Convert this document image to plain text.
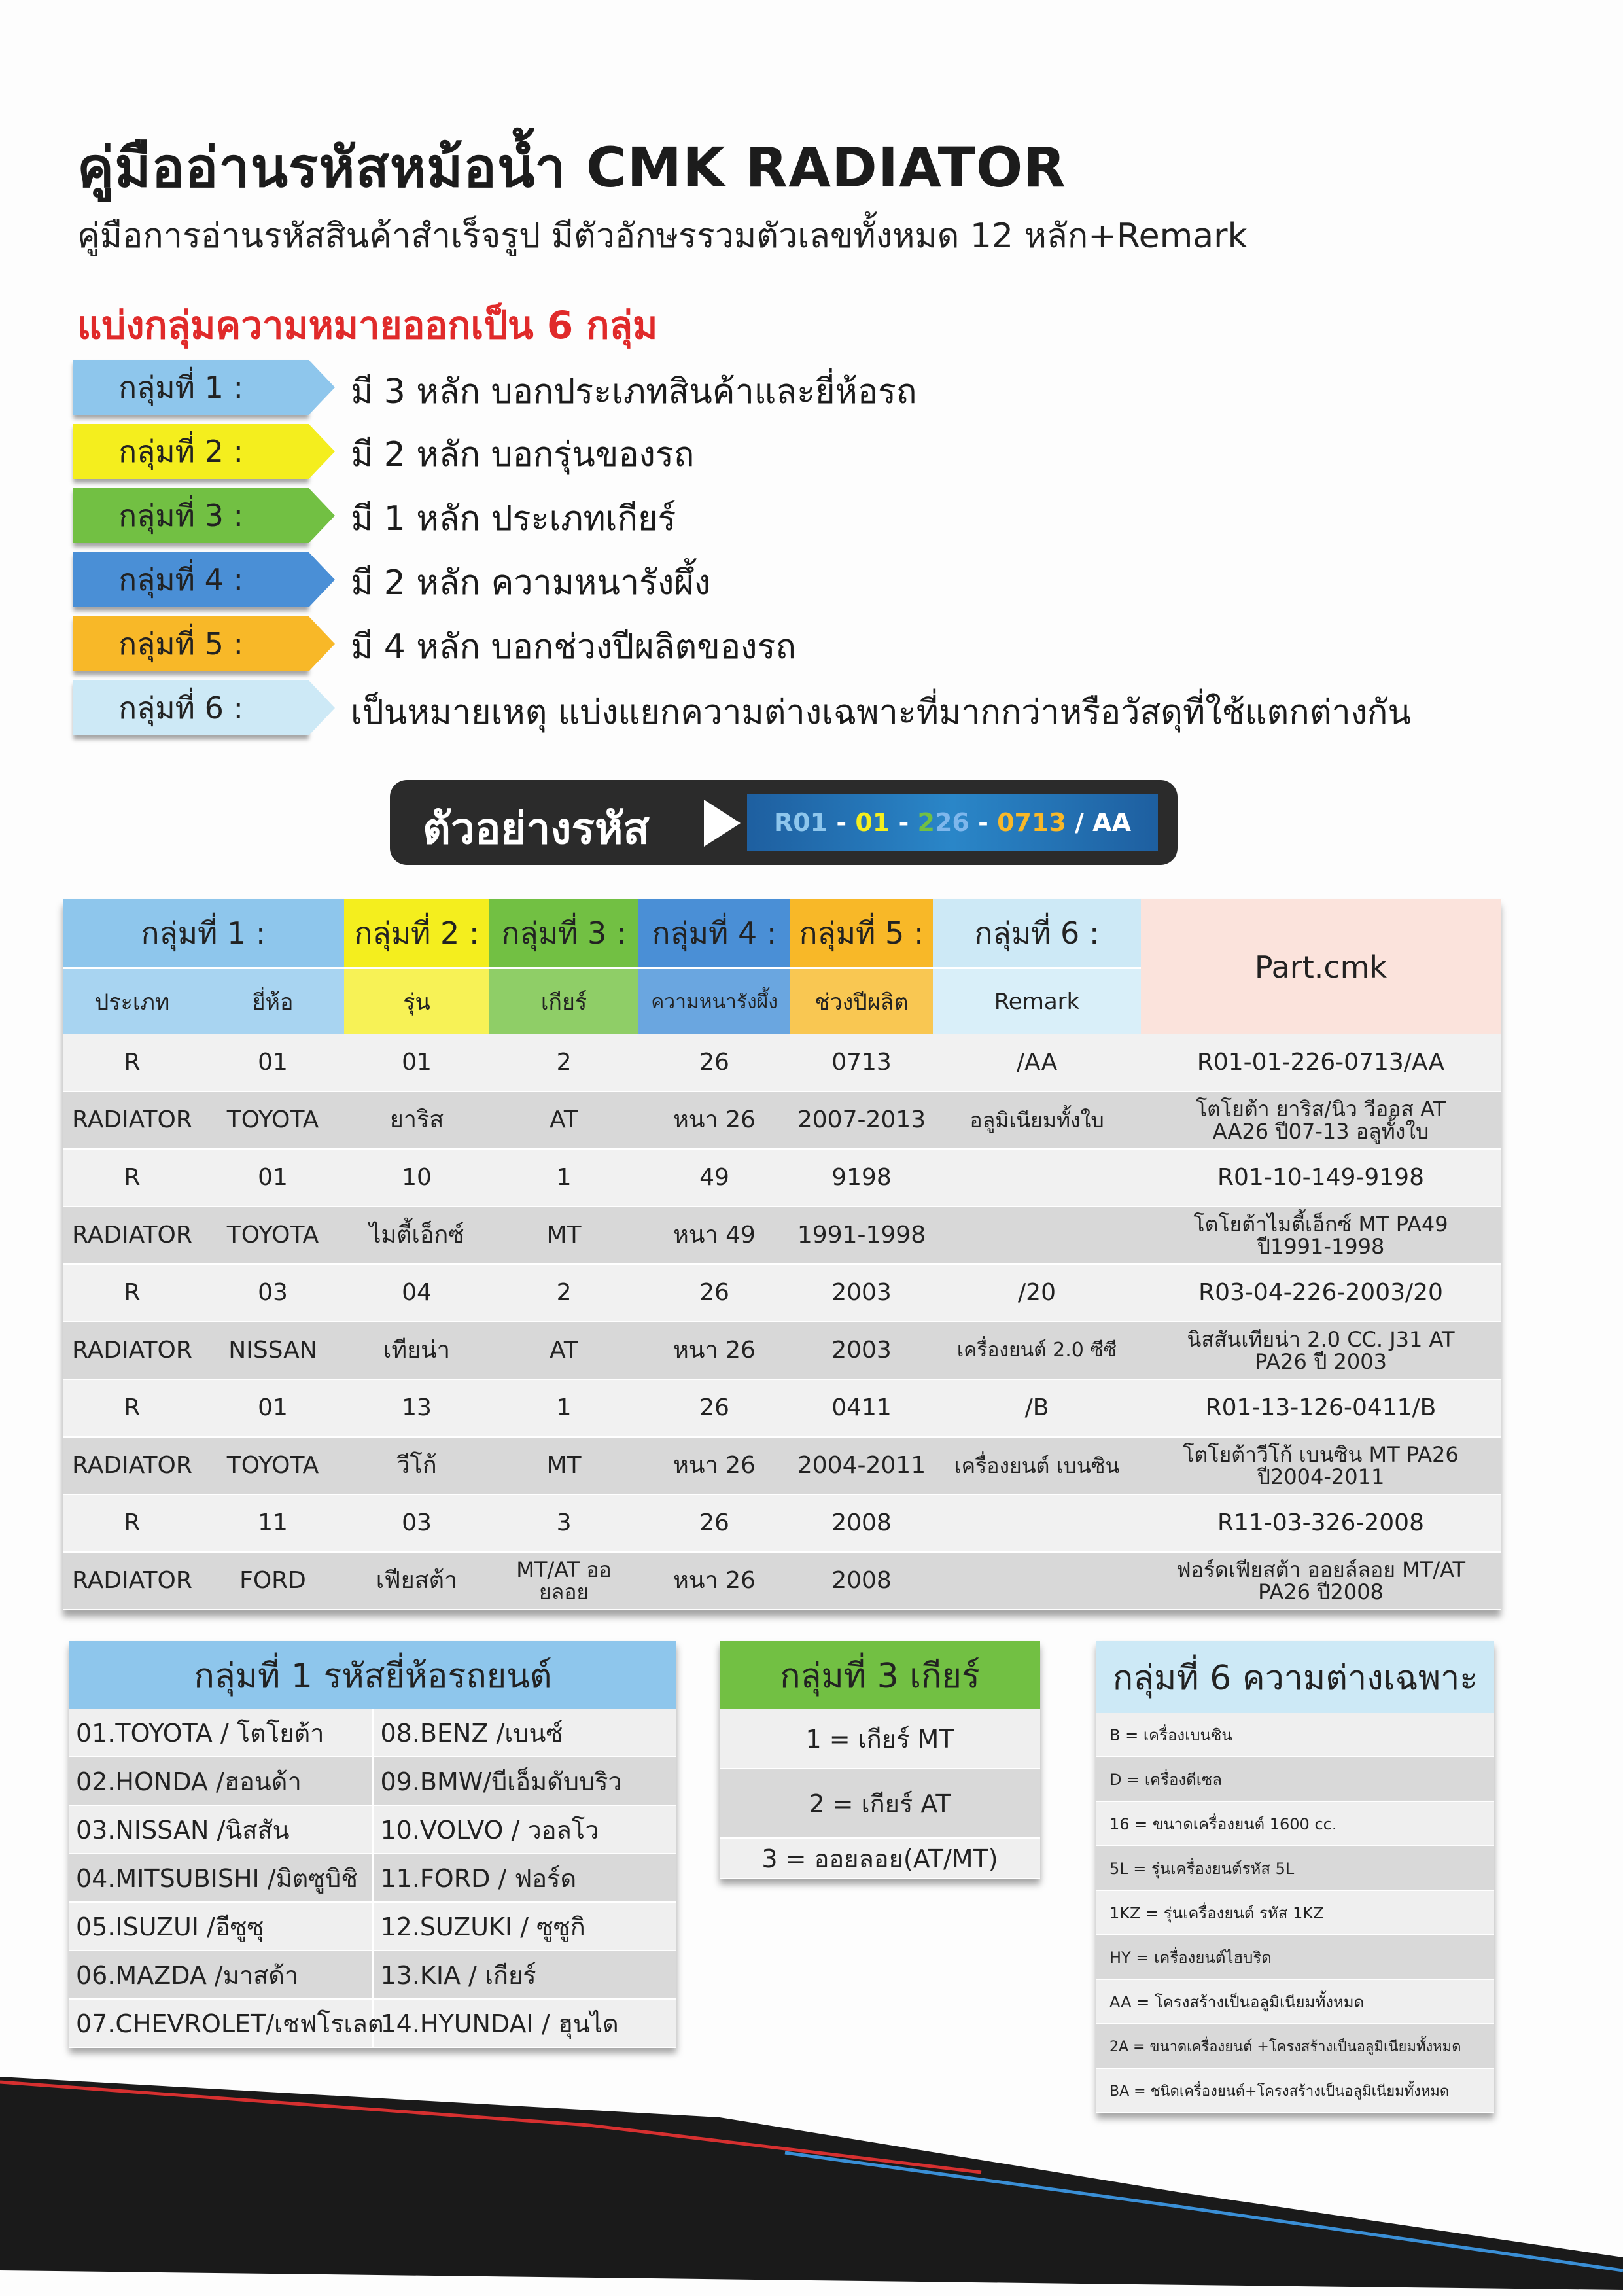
คู่มืออ่านรหัสหม้อน้ำ CMK RADIATOR
คู่มือการอ่านรหัสสินค้าสำเร็จรูป มีตัวอักษรรวมตัวเลขทั้งหมด 12 หลัก+Remark
แบ่งกลุ่มความหมายออกเป็น 6 กลุ่ม
กลุ่มที่ 1 :	มี 3 หลัก บอกประเภทสินค้าและยี่ห้อรถ
กลุ่มที่ 2 :	มี 2 หลัก บอกรุ่นของรถ
กลุ่มที่ 3 :	มี 1 หลัก ประเภทเกียร์
กลุ่มที่ 4 :	มี 2 หลัก ความหนารังผึ้ง
กลุ่มที่ 5 :	มี 4 หลัก บอกช่วงปีผลิตของรถ
กลุ่มที่ 6 :	เป็นหมายเหตุ แบ่งแยกความต่างเฉพาะที่มากกว่าหรือวัสดุที่ใช้แตกต่างกัน
ตัวอย่างรหัส	R01 - 01 - 2 26 - 0713 / AA
กลุ่มที่ 1 :		กลุ่มที่ 2 :	กลุ่มที่ 3 :	กลุ่มที่ 4 :	กลุ่มที่ 5 :	กลุ่มที่ 6 :	Part.cmk
ประเภท	ยี่ห้อ	รุ่น	เกียร์	ความหนารังผึ้ง	ช่วงปีผลิต	Remark	
R	01	01	2	26	0713	/AA	R01-01-226-0713/AA
RADIATOR	TOYOTA	ยาริส	AT	หนา 26	2007-2013	อลูมิเนียมทั้งใบ	โตโยต้า ยาริส/นิว วีออส AT AA26 ปี07-13 อลูทั้งใบ
R	01	10	1	49	9198		R01-10-149-9198
RADIATOR	TOYOTA	ไมตี้เอ็กซ์	MT	หนา 49	1991-1998		โตโยต้าไมตี้เอ็กซ์ MT PA49 ปี1991-1998
R	03	04	2	26	2003	/20	R03-04-226-2003/20
RADIATOR	NISSAN	เทียน่า	AT	หนา 26	2003	เครื่องยนต์ 2.0 ซีซี	นิสสันเทียน่า 2.0 CC. J31 AT PA26 ปี 2003
R	01	13	1	26	0411	/B	R01-13-126-0411/B
RADIATOR	TOYOTA	วีโก้	MT	หนา 26	2004-2011	เครื่องยนต์ เบนซิน	โตโยต้าวีโก้ เบนซิน MT PA26 ปี2004-2011
R	11	03	3	26	2008		R11-03-326-2008
RADIATOR	FORD	เฟียสต้า	MT/AT ออยลอย	หนา 26	2008		ฟอร์ดเฟียสต้า ออยล์ลอย MT/AT PA26 ปี2008
กลุ่มที่ 1 รหัสยี่ห้อรถยนต์
01.TOYOTA / โตโยต้า	08.BENZ /เบนซ์
02.HONDA /ฮอนด้า	09.BMW/บีเอ็มดับบริว
03.NISSAN /นิสสัน	10.VOLVO / วอลโว
04.MITSUBISHI /มิตซูบิชิ	11.FORD / ฟอร์ด
05.ISUZUI /อีซูซุ	12.SUZUKI / ซูซูกิ
06.MAZDA /มาสด้า	13.KIA / เกียร์
07.CHEVROLET/เชฟโรเลต	14.HYUNDAI / ฮุนได
กลุ่มที่ 3 เกียร์
1 = เกียร์ MT
2 = เกียร์ AT
3 = ออยลอย(AT/MT)
กลุ่มที่ 6 ความต่างเฉพาะ
B = เครื่องเบนซิน
D = เครื่องดีเซล
16 = ขนาดเครื่องยนต์ 1600 cc.
5L = รุ่นเครื่องยนต์รหัส 5L
1KZ = รุ่นเครื่องยนต์ รหัส 1KZ
HY = เครื่องยนต์ไฮบริด
AA = โครงสร้างเป็นอลูมิเนียมทั้งหมด
2A = ขนาดเครื่องยนต์ +โครงสร้างเป็นอลูมิเนียมทั้งหมด
BA = ชนิดเครื่องยนต์+โครงสร้างเป็นอลูมิเนียมทั้งหมด
